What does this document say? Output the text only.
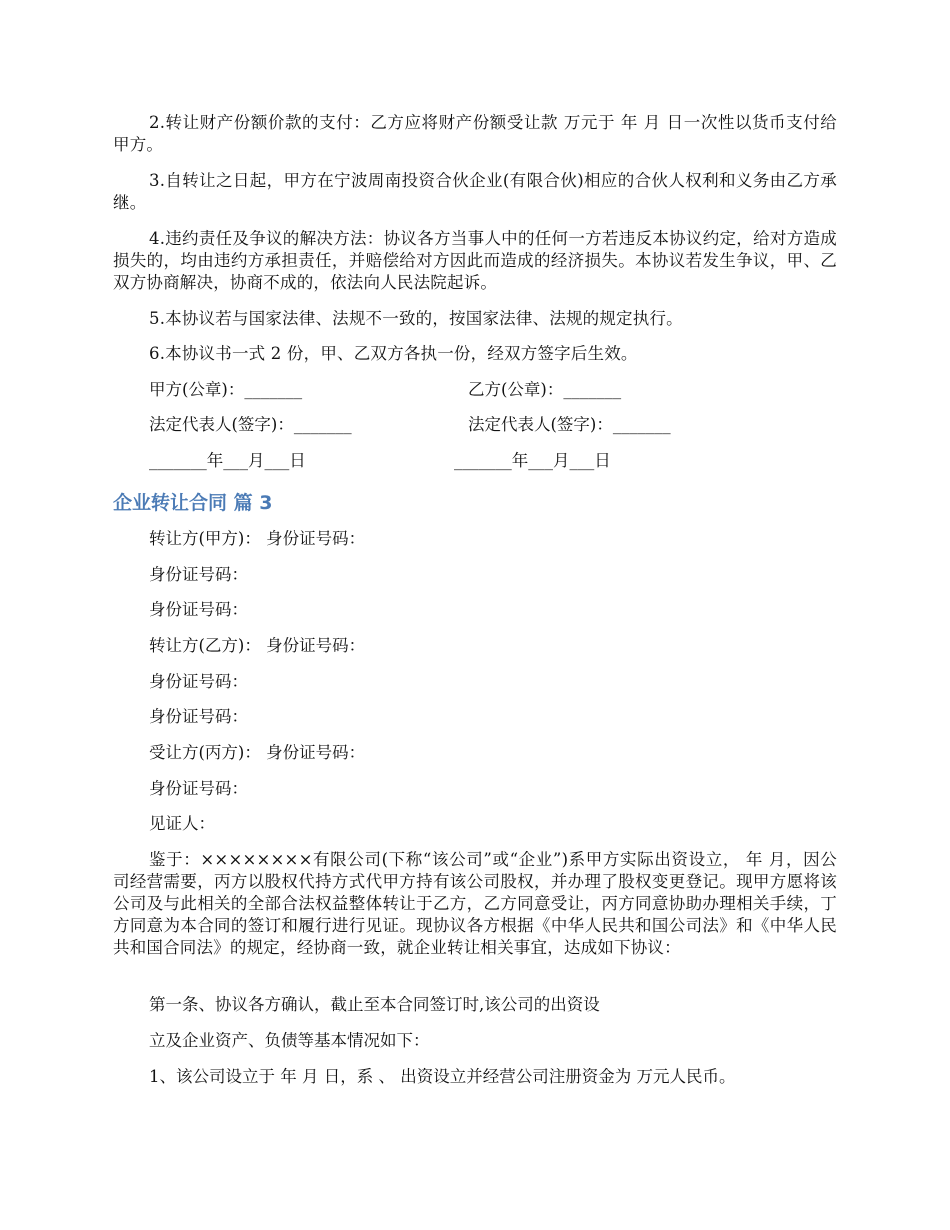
2.转让财产份额价款的支付：乙方应将财产份额受让款 万元于 年 月 日一次性以货币支付给甲方。
3.自转让之日起，甲方在宁波周南投资合伙企业(有限合伙)相应的合伙人权利和义务由乙方承继。
4.违约责任及争议的解决方法：协议各方当事人中的任何一方若违反本协议约定，给对方造成损失的，均由违约方承担责任，并赔偿给对方因此而造成的经济损失。本协议若发生争议，甲、乙双方协商解决，协商不成的，依法向人民法院起诉。
5.本协议若与国家法律、法规不一致的，按国家法律、法规的规定执行。
6.本协议书一式 2 份，甲、乙双方各执一份，经双方签字后生效。
甲方(公章)：_______	乙方(公章)：_______
法定代表人(签字)：_______	法定代表人(签字)：_______
_______年___月___日	_______年___月___日
企业转让合同 篇 3
转让方(甲方)： 身份证号码：
身份证号码：
身份证号码：
转让方(乙方)： 身份证号码：
身份证号码：
身份证号码：
受让方(丙方)： 身份证号码：
身份证号码：
见证人：
鉴于：××××××××有限公司(下称“该公司”或“企业”)系甲方实际出资设立， 年 月，因公司经营需要，丙方以股权代持方式代甲方持有该公司股权，并办理了股权变更登记。现甲方愿将该公司及与此相关的全部合法权益整体转让于乙方，乙方同意受让，丙方同意协助办理相关手续，丁方同意为本合同的签订和履行进行见证。现协议各方根据《中华人民共和国公司法》和《中华人民共和国合同法》的规定，经协商一致，就企业转让相关事宜，达成如下协议：
第一条、协议各方确认，截止至本合同签订时,该公司的出资设
立及企业资产、负债等基本情况如下：
1、该公司设立于 年 月 日，系 、 出资设立并经营公司注册资金为 万元人民币。
